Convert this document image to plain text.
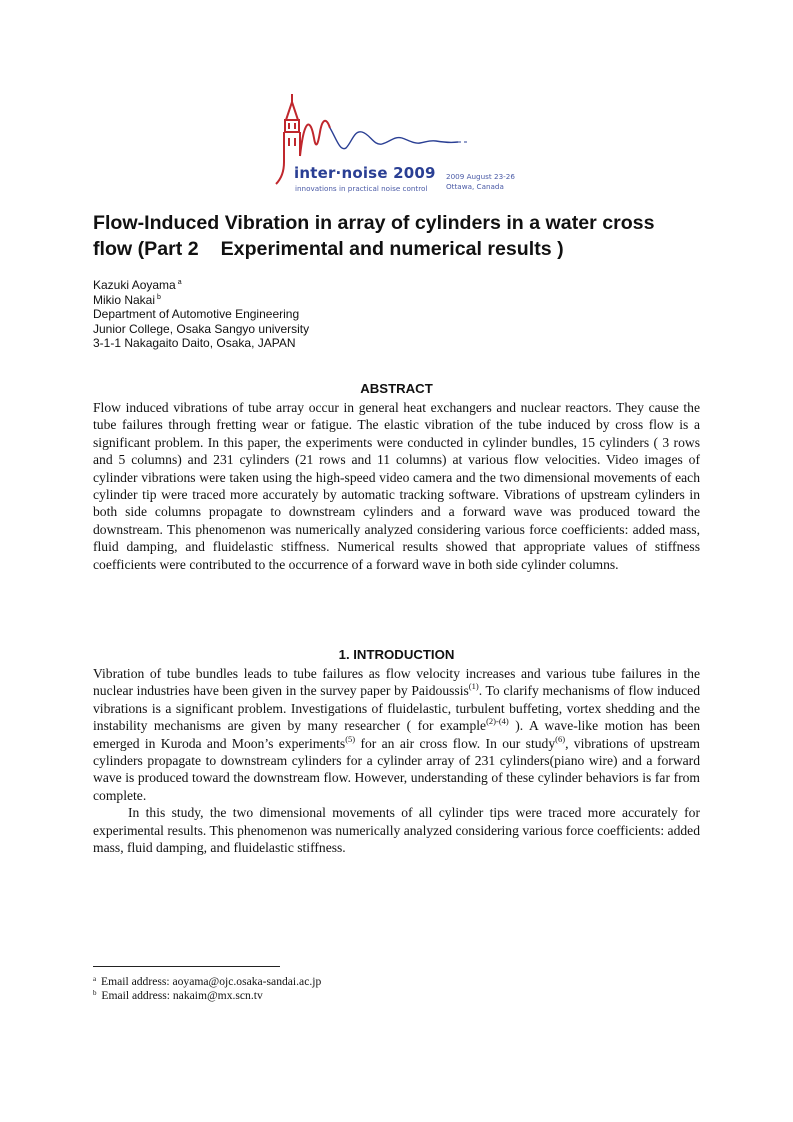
inter·noise 2009
innovations in practical noise control
2009 August 23-26
Ottawa, Canada
Flow-Induced Vibration in array of cylinders in a water cross
flow (Part 2 Experimental and numerical results )
Kazuki Aoyama $^a$
Mikio Nakai $^b$
Department of Automotive Engineering
Junior College, Osaka Sangyo university
3-1-1 Nakagaito Daito, Osaka, JAPAN
ABSTRACT

Flow induced vibrations of tube array occur in general heat exchangers and nuclear reactors. They cause the tube failures through fretting wear or fatigue. The elastic vibration of the tube induced by cross flow is a significant problem. In this paper, the experiments were conducted in cylinder bundles, 15 cylinders ( 3 rows and 5 columns) and 231 cylinders (21 rows and 11 columns) at various flow velocities. Video images of cylinder vibrations were taken using the high-speed video camera and the two dimensional movements of each cylinder tip were traced more accurately by automatic tracking software. Vibrations of upstream cylinders in both side columns propagate to downstream cylinders and a forward wave was produced toward the downstream. This phenomenon was numerically analyzed considering various force coefficients: added mass, fluid damping, and fluidelastic stiffness. Numerical results showed that appropriate values of stiffness coefficients were contributed to the occurrence of a forward wave in both side cylinder columns.

1. INTRODUCTION

Vibration of tube bundles leads to tube failures as flow velocity increases and various tube failures in the nuclear industries have been given in the survey paper by Paidoussis$^{(1)}$. To clarify mechanisms of flow induced vibrations is a significant problem. Investigations of fluidelastic, turbulent buffeting, vortex shedding and the instability mechanisms are given by many researcher ( for example$^{(2)-(4)}$ ). A wave-like motion has been emerged in Kuroda and Moon’s experiments$^{(5)}$ for an air cross flow. In our study$^{(6)}$, vibrations of upstream cylinders propagate to downstream cylinders for a cylinder array of 231 cylinders(piano wire) and a forward wave is produced toward the downstream flow. However, understanding of these cylinder behaviors is far from complete.

In this study, the two dimensional movements of all cylinder tips were traced more accurately for experimental results. This phenomenon was numerically analyzed considering various force coefficients: added mass, fluid damping, and fluidelastic stiffness.

$^a$ Email address: aoyama@ojc.osaka-sandai.ac.jp
$^b$ Email address: nakaim@mx.scn.tv
